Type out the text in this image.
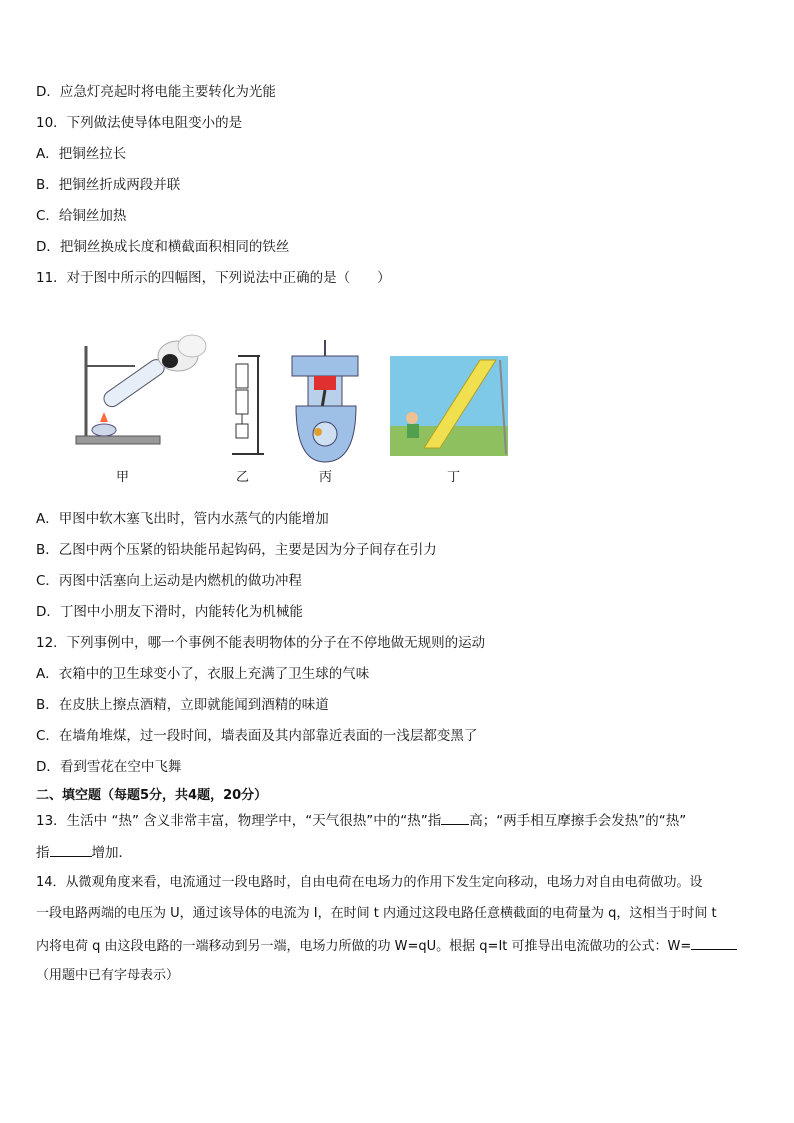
D．应急灯亮起时将电能主要转化为光能
10．下列做法使导体电阻变小的是
A．把铜丝拉长
B．把铜丝折成两段并联
C．给铜丝加热
D．把铜丝换成长度和横截面积相同的铁丝
11．对于图中所示的四幅图，下列说法中正确的是（　　）
甲	乙	丙	丁
A．甲图中软木塞飞出时，管内水蒸气的内能增加
B．乙图中两个压紧的铅块能吊起钩码，主要是因为分子间存在引力
C．丙图中活塞向上运动是内燃机的做功冲程
D．丁图中小朋友下滑时，内能转化为机械能
12．下列事例中，哪一个事例不能表明物体的分子在不停地做无规则的运动
A．衣箱中的卫生球变小了，衣服上充满了卫生球的气味
B．在皮肤上擦点酒精，立即就能闻到酒精的味道
C．在墙角堆煤，过一段时间，墙表面及其内部靠近表面的一浅层都变黑了
D．看到雪花在空中飞舞
二、填空题（每题5分，共4题，20分）
13．生活中 “热” 含义非常丰富，物理学中，“天气很热”中的“热”指 高；“两手相互摩擦手会发热”的“热”
指	增加．
14．从微观角度来看，电流通过一段电路时，自由电荷在电场力的作用下发生定向移动，电场力对自由电荷做功。设
一段电路两端的电压为 U，通过该导体的电流为 I，在时间 t 内通过这段电路任意横截面的电荷量为 q，这相当于时间 t
内将电荷 q 由这段电路的一端移动到另一端，电场力所做的功 W=qU。根据 q=It 可推导出电流做功的公式：W=
（用题中已有字母表示）
